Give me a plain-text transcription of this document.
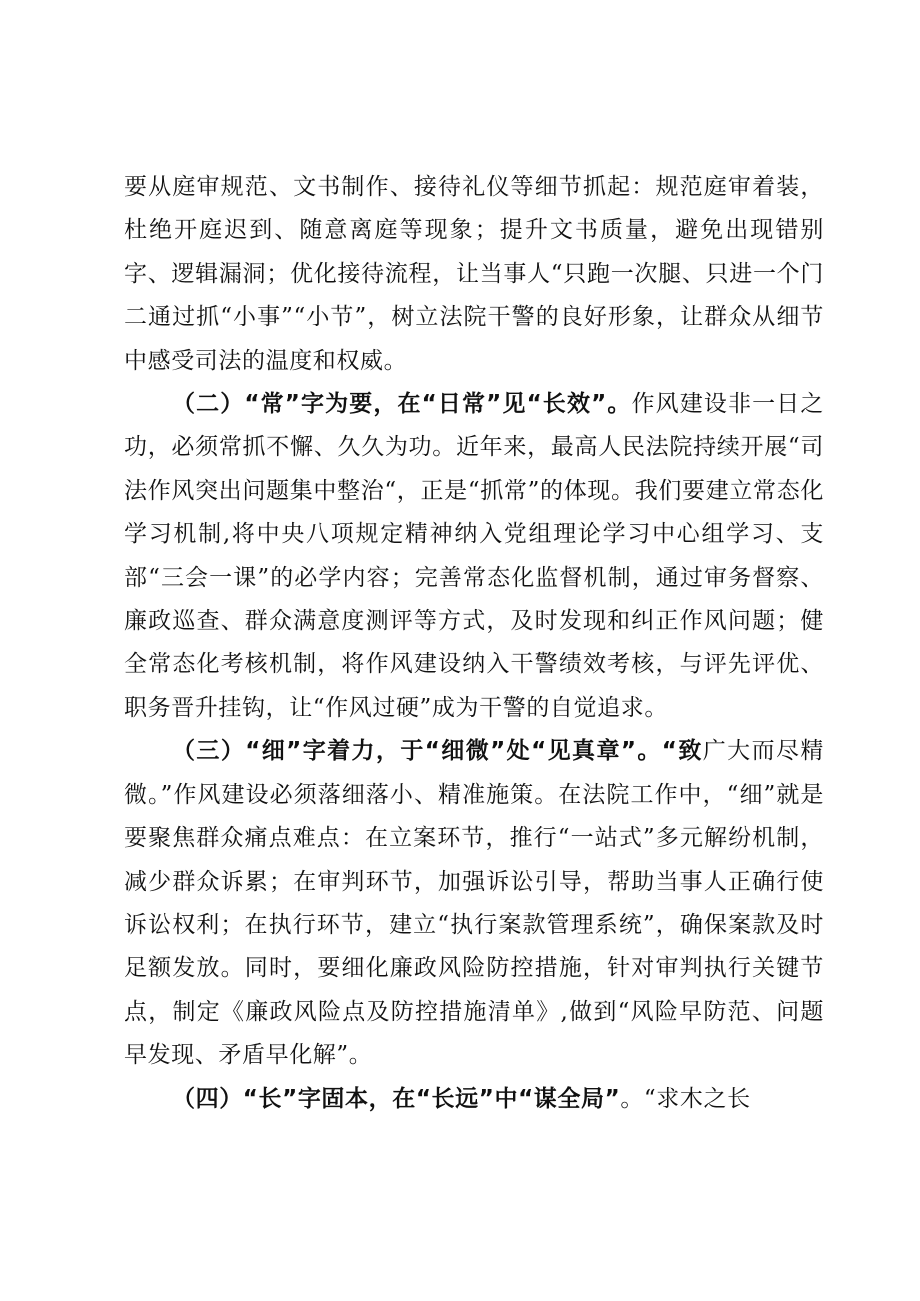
要从庭审规范、文书制作、接待礼仪等细节抓起：规范庭审着装，杜绝开庭迟到、随意离庭等现象；提升文书质量，避免出现错别字、逻辑漏洞；优化接待流程，让当事人“只跑一次腿、只进一个门二通过抓“小事”“小节”，树立法院干警的良好形象，让群众从细节中感受司法的温度和权威。

（二）“常”字为要，在“日常”见“长效”。作风建设非一日之功，必须常抓不懈、久久为功。近年来，最高人民法院持续开展“司法作风突出问题集中整治“，正是“抓常”的体现。我们要建立常态化学习机制,将中央八项规定精神纳入党组理论学习中心组学习、支部“三会一课”的必学内容；完善常态化监督机制，通过审务督察、廉政巡查、群众满意度测评等方式，及时发现和纠正作风问题；健全常态化考核机制，将作风建设纳入干警绩效考核，与评先评优、职务晋升挂钩，让“作风过硬”成为干警的自觉追求。

（三）“细”字着力，于“细微”处“见真章”。“致广大而尽精微。”作风建设必须落细落小、精准施策。在法院工作中，“细”就是要聚焦群众痛点难点：在立案环节，推行“一站式”多元解纷机制，减少群众诉累；在审判环节，加强诉讼引导，帮助当事人正确行使诉讼权利；在执行环节，建立“执行案款管理系统”，确保案款及时足额发放。同时，要细化廉政风险防控措施，针对审判执行关键节点，制定《廉政风险点及防控措施清单》,做到“风险早防范、问题早发现、矛盾早化解”。

（四）“长”字固本，在“长远”中“谋全局”。“求木之长
